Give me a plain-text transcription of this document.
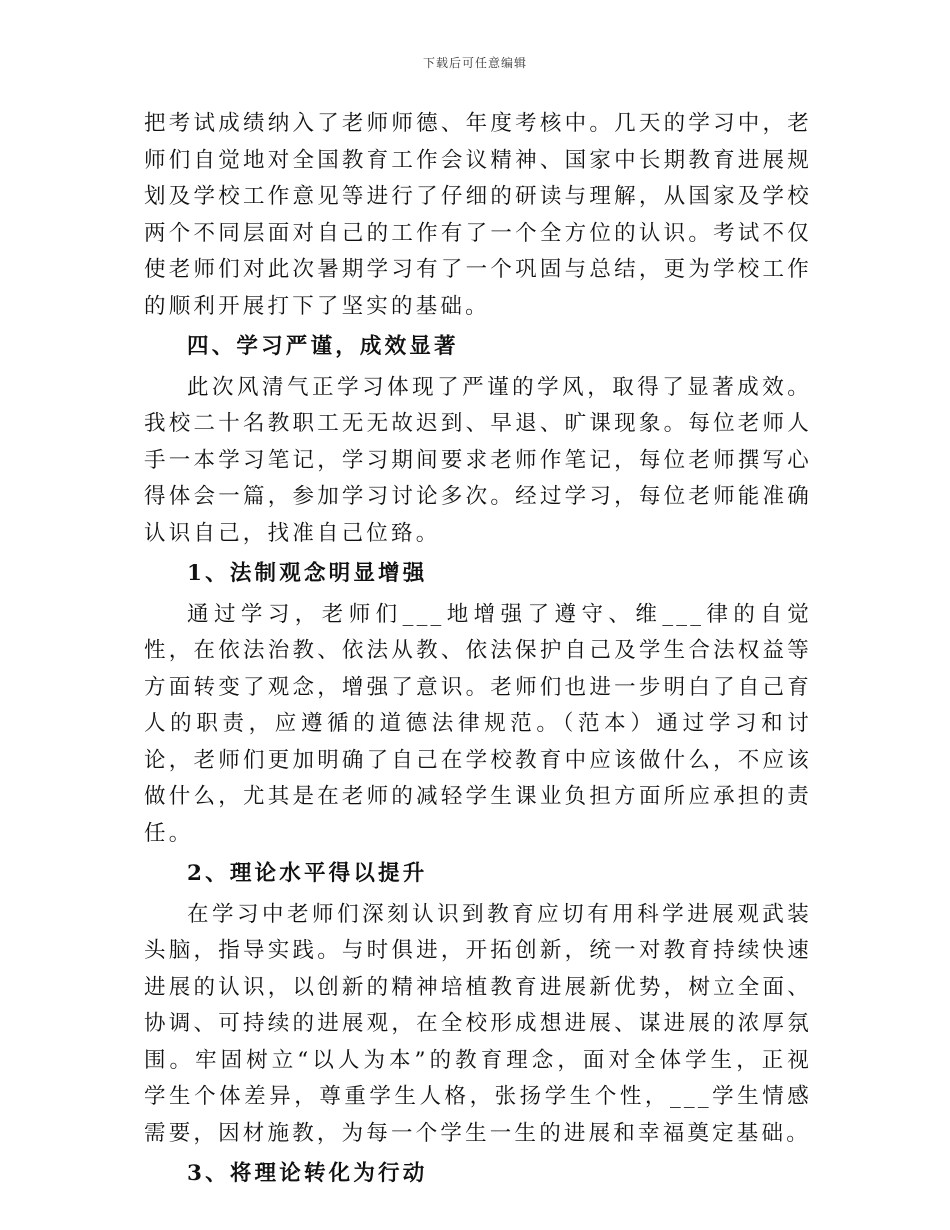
下载后可任意编辑

把考试成绩纳入了老师师德、年度考核中。几天的学习中，老师们自觉地对全国教育工作会议精神、国家中长期教育进展规划及学校工作意见等进行了仔细的研读与理解，从国家及学校两个不同层面对自己的工作有了一个全方位的认识。考试不仅使老师们对此次暑期学习有了一个巩固与总结，更为学校工作的顺利开展打下了坚实的基础。

四、学习严谨，成效显著

此次风清气正学习体现了严谨的学风，取得了显著成效。我校二十名教职工无无故迟到、早退、旷课现象。每位老师人手一本学习笔记，学习期间要求老师作笔记，每位老师撰写心得体会一篇，参加学习讨论多次。经过学习，每位老师能准确认识自己，找准自己位臵。

1、法制观念明显增强

通过学习，老师们___地增强了遵守、维___律的自觉性，在依法治教、依法从教、依法保护自己及学生合法权益等方面转变了观念，增强了意识。老师们也进一步明白了自己育人的职责，应遵循的道德法律规范。（范本）通过学习和讨论，老师们更加明确了自己在学校教育中应该做什么，不应该做什么，尤其是在老师的减轻学生课业负担方面所应承担的责任。

2、理论水平得以提升

在学习中老师们深刻认识到教育应切有用科学进展观武装头脑，指导实践。与时俱进，开拓创新，统一对教育持续快速进展的认识，以创新的精神培植教育进展新优势，树立全面、协调、可持续的进展观，在全校形成想进展、谋进展的浓厚氛围。牢固树立“以人为本”的教育理念，面对全体学生，正视学生个体差异，尊重学生人格，张扬学生个性，___学生情感需要，因材施教，为每一个学生一生的进展和幸福奠定基础。

3、将理论转化为行动
